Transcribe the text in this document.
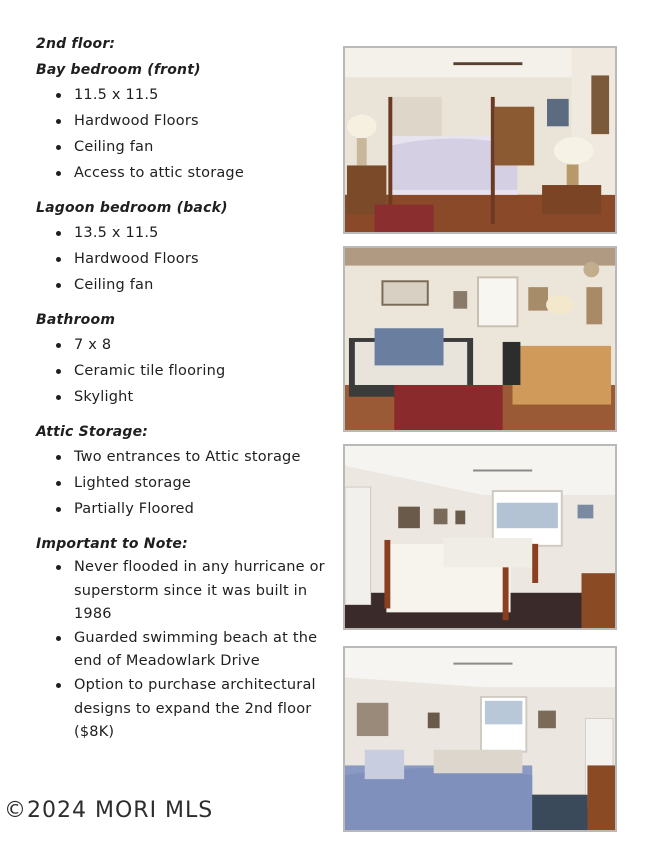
2nd floor:

Bay bedroom (front)

11.5 x 11.5
Hardwood Floors
Ceiling fan
Access to attic storage

Lagoon bedroom (back)

13.5 x 11.5
Hardwood Floors
Ceiling fan

Bathroom

7 x 8
Ceramic tile flooring
Skylight

Attic Storage:

Two entrances to Attic storage
Lighted storage
Partially Floored

Important to Note:

Never flooded in any hurricane or superstorm since it was built in 1986
Guarded swimming beach at the end of Meadowlark Drive
Option to purchase architectural designs to expand the 2nd floor ($8K)
©2024 MORI MLS
